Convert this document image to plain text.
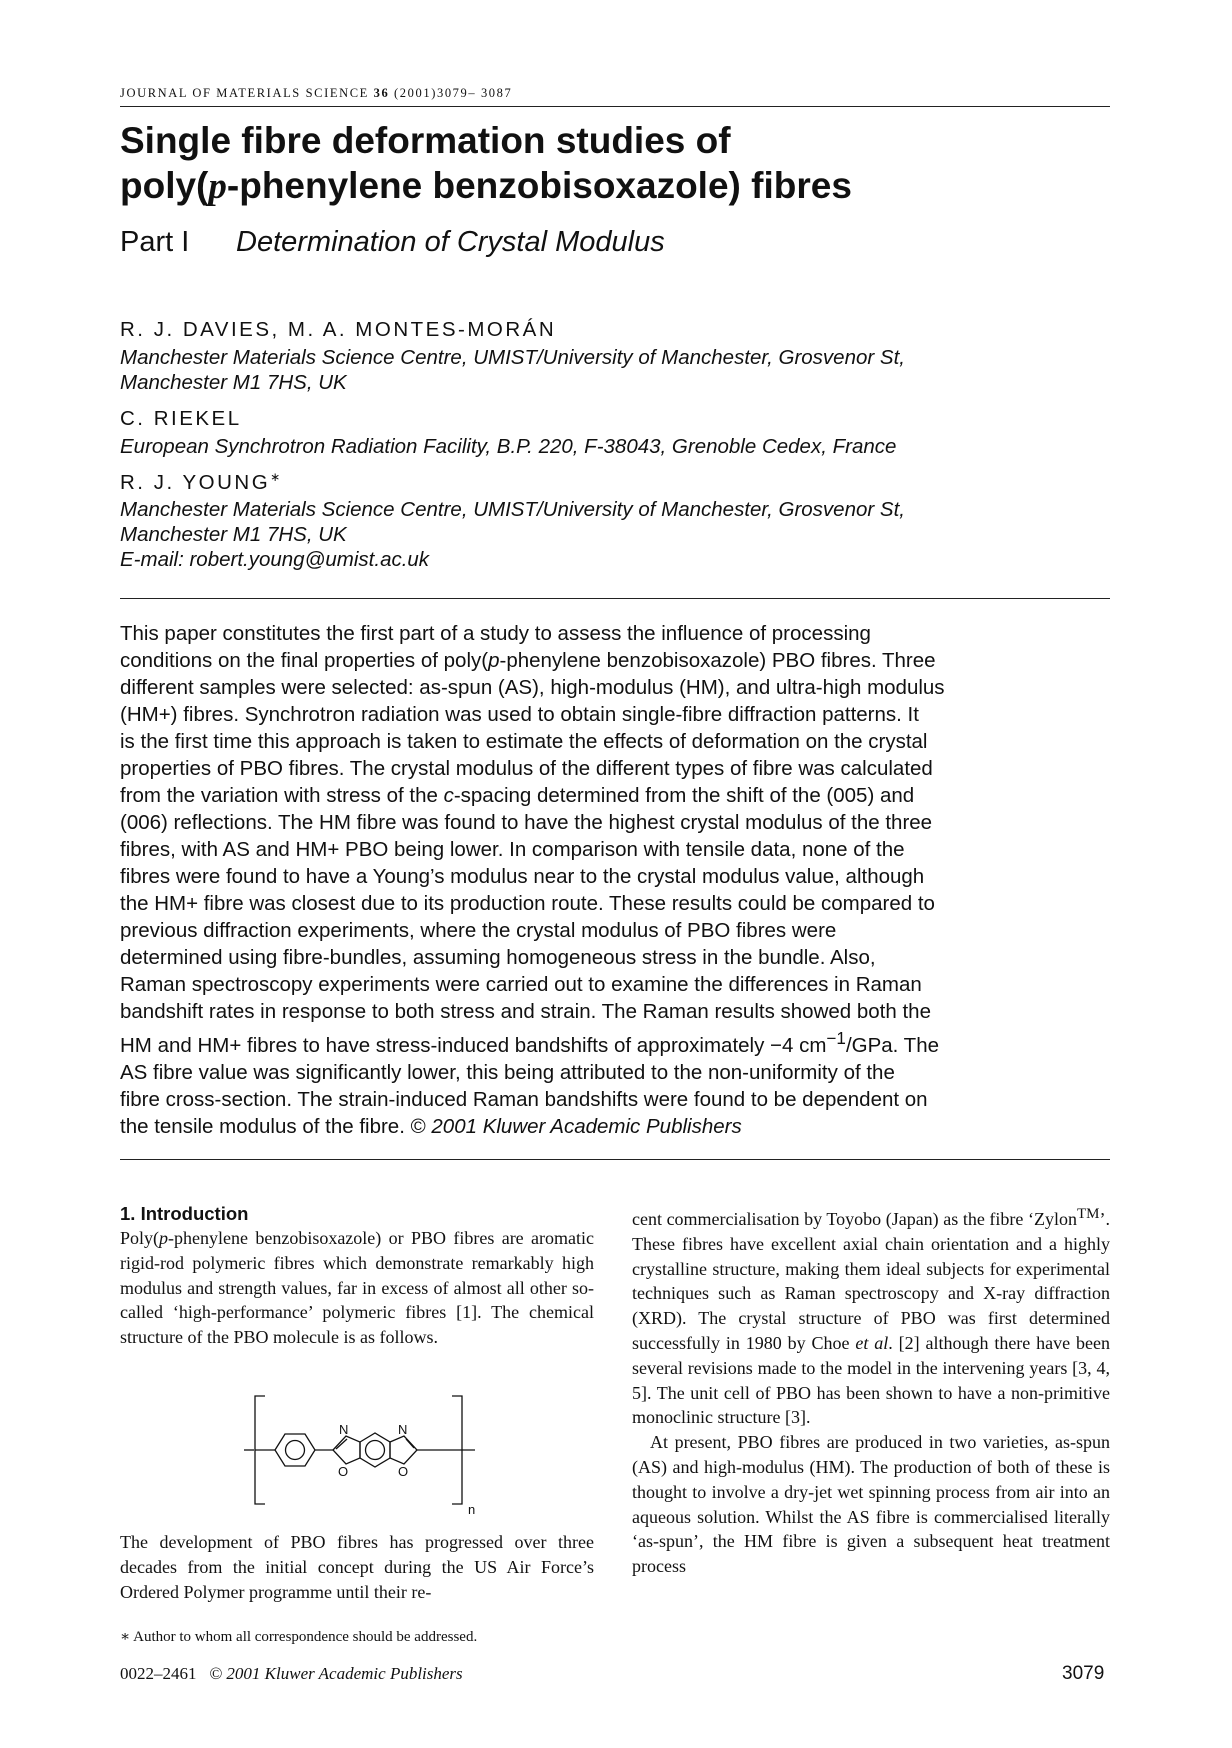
JOURNAL OF MATERIALS SCIENCE 36 (2001)3079– 3087
Single fibre deformation studies of
poly(p-phenylene benzobisoxazole) fibres
Part I Determination of Crystal Modulus
R. J. DAVIES, M. A. MONTES-MORÁN
Manchester Materials Science Centre, UMIST/University of Manchester, Grosvenor St,
Manchester M1 7HS, UK
C. RIEKEL
European Synchrotron Radiation Facility, B.P. 220, F-38043, Grenoble Cedex, France
R. J. YOUNG∗
Manchester Materials Science Centre, UMIST/University of Manchester, Grosvenor St,
Manchester M1 7HS, UK
E-mail: robert.young@umist.ac.uk
This paper constitutes the first part of a study to assess the influence of processing
conditions on the final properties of poly(p-phenylene benzobisoxazole) PBO fibres. Three
different samples were selected: as-spun (AS), high-modulus (HM), and ultra-high modulus
(HM+) fibres. Synchrotron radiation was used to obtain single-fibre diffraction patterns. It
is the first time this approach is taken to estimate the effects of deformation on the crystal
properties of PBO fibres. The crystal modulus of the different types of fibre was calculated
from the variation with stress of the c-spacing determined from the shift of the (005) and
(006) reflections. The HM fibre was found to have the highest crystal modulus of the three
fibres, with AS and HM+ PBO being lower. In comparison with tensile data, none of the
fibres were found to have a Young’s modulus near to the crystal modulus value, although
the HM+ fibre was closest due to its production route. These results could be compared to
previous diffraction experiments, where the crystal modulus of PBO fibres were
determined using fibre-bundles, assuming homogeneous stress in the bundle. Also,
Raman spectroscopy experiments were carried out to examine the differences in Raman
bandshift rates in response to both stress and strain. The Raman results showed both the
HM and HM+ fibres to have stress-induced bandshifts of approximately −4 $cm^{-1}$/GPa. The
AS fibre value was significantly lower, this being attributed to the non-uniformity of the
fibre cross-section. The strain-induced Raman bandshifts were found to be dependent on
the tensile modulus of the fibre. © 2001 Kluwer Academic Publishers
1. Introduction

Poly(p-phenylene benzobisoxazole) or PBO fibres are aromatic rigid-rod polymeric fibres which demonstrate remarkably high modulus and strength values, far in excess of almost all other so-called ‘high-performance’ polymeric fibres [1]. The chemical structure of the PBO molecule is as follows.

N
O
N
O
n

The development of PBO fibres has progressed over three decades from the initial concept during the US Air Force’s Ordered Polymer programme until their re-

cent commercialisation by Toyobo (Japan) as the fibre ‘Zylon™’. These fibres have excellent axial chain orientation and a highly crystalline structure, making them ideal subjects for experimental techniques such as Raman spectroscopy and X-ray diffraction (XRD). The crystal structure of PBO was first determined successfully in 1980 by Choe et al. [2] although there have been several revisions made to the model in the intervening years [3, 4, 5]. The unit cell of PBO has been shown to have a non-primitive monoclinic structure [3].

At present, PBO fibres are produced in two varieties, as-spun (AS) and high-modulus (HM). The production of both of these is thought to involve a dry-jet wet spinning process from air into an aqueous solution. Whilst the AS fibre is commercialised literally ‘as-spun’, the HM fibre is given a subsequent heat treatment process

∗ Author to whom all correspondence should be addressed.
0022–2461 © 2001 Kluwer Academic Publishers	3079
